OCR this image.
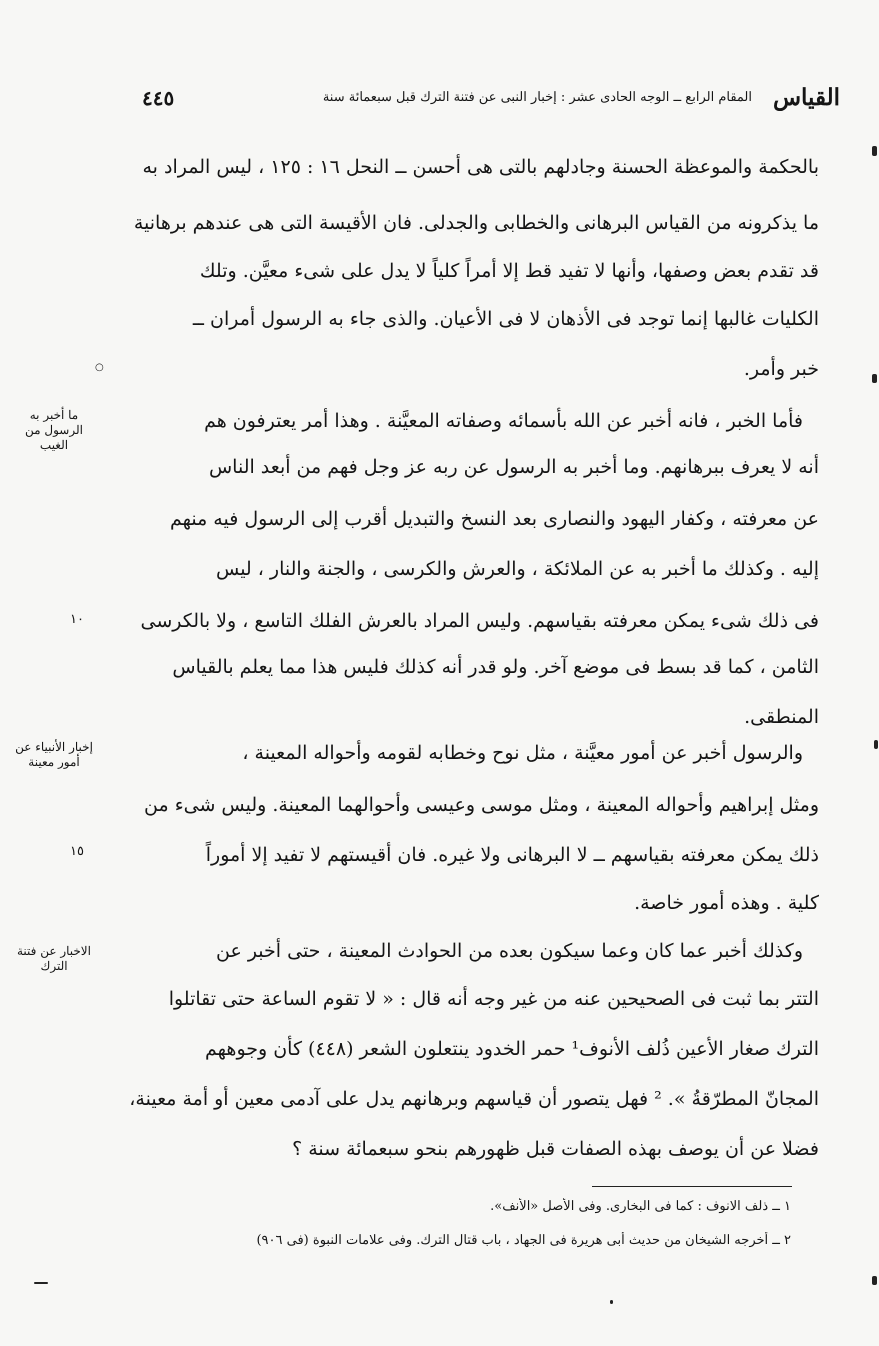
القياس
المقام الرابع ــ الوجه الحادى عشر : إخبار النبى عن فتنة الترك قبل سبعمائة سنة
٤٤٥
بالحكمة والموعظة الحسنة وجادلهم بالتى هى أحسن ــ النحل ١٦ : ١٢٥ ، ليس المراد به
ما يذكرونه من القياس البرهانى والخطابى والجدلى. فان الأقيسة التى هى عندهم برهانية
قد تقدم بعض وصفها، وأنها لا تفيد قط إلا أمراً كلياً لا يدل على شىء معيَّن. وتلك
الكليات غالبها إنما توجد فى الأذهان لا فى الأعيان. والذى جاء به الرسول أمران ــ
خبر وأمر.
فأما الخبر ، فانه أخبر عن الله بأسمائه وصفاته المعيَّنة . وهذا أمر يعترفون هم
أنه لا يعرف ببرهانهم. وما أخبر به الرسول عن ربه عز وجل فهم من أبعد الناس
عن معرفته ، وكفار اليهود والنصارى بعد النسخ والتبديل أقرب إلى الرسول فيه منهم
إليه . وكذلك ما أخبر به عن الملائكة ، والعرش والكرسى ، والجنة والنار ، ليس
فى ذلك شىء يمكن معرفته بقياسهم. وليس المراد بالعرش الفلك التاسع ، ولا بالكرسى
الثامن ، كما قد بسط فى موضع آخر. ولو قدر أنه كذلك فليس هذا مما يعلم بالقياس
المنطقى.
والرسول أخبر عن أمور معيَّنة ، مثل نوح وخطابه لقومه وأحواله المعينة ،
ومثل إبراهيم وأحواله المعينة ، ومثل موسى وعيسى وأحوالهما المعينة. وليس شىء من
ذلك يمكن معرفته بقياسهم ــ لا البرهانى ولا غيره. فان أقيستهم لا تفيد إلا أموراً
كلية . وهذه أمور خاصة.
وكذلك أخبر عما كان وعما سيكون بعده من الحوادث المعينة ، حتى أخبر عن
التتر بما ثبت فى الصحيحين عنه من غير وجه أنه قال : « لا تقوم الساعة حتى تقاتلوا
الترك صغار الأعين ذُلف الأنوف¹ حمر الخدود ينتعلون الشعر (٤٤٨) كأن وجوههم
المجانّ المطرّقةُ ». ² فهل يتصور أن قياسهم وبرهانهم يدل على آدمى معين أو أمة معينة،
فضلا عن أن يوصف بهذه الصفات قبل ظهورهم بنحو سبعمائة سنة ؟
ما أخبر به الرسول من الغيب
إخبار الأنبياء عن أمور معينة
الاخبار عن فتنة الترك
١٠
١٥
○
١ ــ ذلف الانوف : كما فى البخارى. وفى الأصل «الأنف».
٢ ــ أخرجه الشيخان من حديث أبى هريرة فى الجهاد ، باب قتال الترك. وفى علامات النبوة (فى ٩٠٦)
